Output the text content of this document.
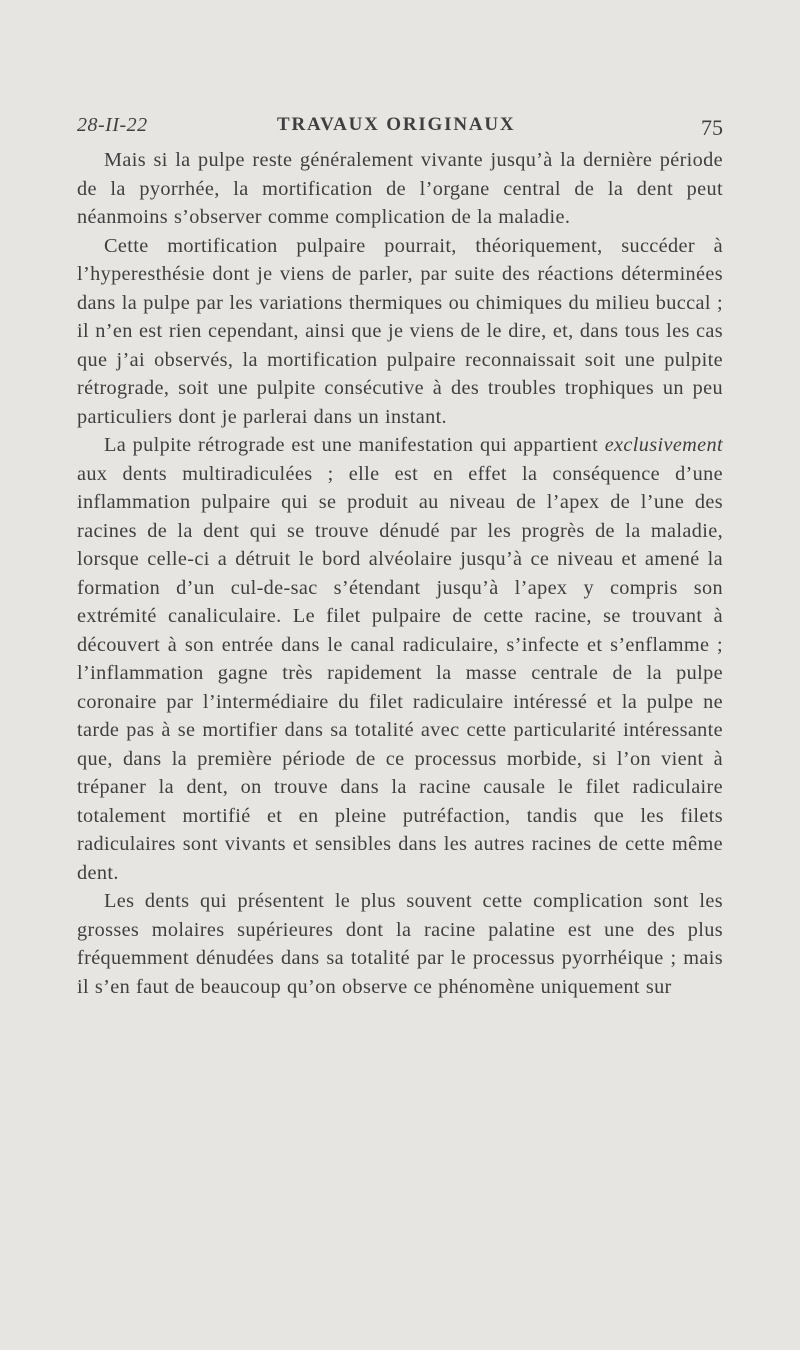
28-II-22	TRAVAUX ORIGINAUX	75

Mais si la pulpe reste généralement vivante jusqu’à la dernière période de la pyorrhée, la mortification de l’organe central de la dent peut néanmoins s’observer comme complication de la maladie.

Cette mortification pulpaire pourrait, théoriquement, succéder à l’hyperesthésie dont je viens de parler, par suite des réactions déterminées dans la pulpe par les variations thermiques ou chimiques du milieu buccal ; il n’en est rien cependant, ainsi que je viens de le dire, et, dans tous les cas que j’ai observés, la mortification pulpaire reconnaissait soit une pulpite rétrograde, soit une pulpite consécutive à des troubles trophiques un peu particuliers dont je parlerai dans un instant.

La pulpite rétrograde est une manifestation qui appartient exclusivement aux dents multiradiculées ; elle est en effet la conséquence d’une inflammation pulpaire qui se produit au niveau de l’apex de l’une des racines de la dent qui se trouve dénudé par les progrès de la maladie, lorsque celle-ci a détruit le bord alvéolaire jusqu’à ce niveau et amené la formation d’un cul-de-sac s’étendant jusqu’à l’apex y compris son extrémité canaliculaire. Le filet pulpaire de cette racine, se trouvant à découvert à son entrée dans le canal radiculaire, s’infecte et s’enflamme ; l’inflammation gagne très rapidement la masse centrale de la pulpe coronaire par l’intermédiaire du filet radiculaire intéressé et la pulpe ne tarde pas à se mortifier dans sa totalité avec cette particularité intéressante que, dans la première période de ce processus morbide, si l’on vient à trépaner la dent, on trouve dans la racine causale le filet radiculaire totalement mortifié et en pleine putréfaction, tandis que les filets radiculaires sont vivants et sensibles dans les autres racines de cette même dent.

Les dents qui présentent le plus souvent cette complication sont les grosses molaires supérieures dont la racine palatine est une des plus fréquemment dénudées dans sa totalité par le processus pyorrhéique ; mais il s’en faut de beaucoup qu’on observe ce phénomène uniquement sur
